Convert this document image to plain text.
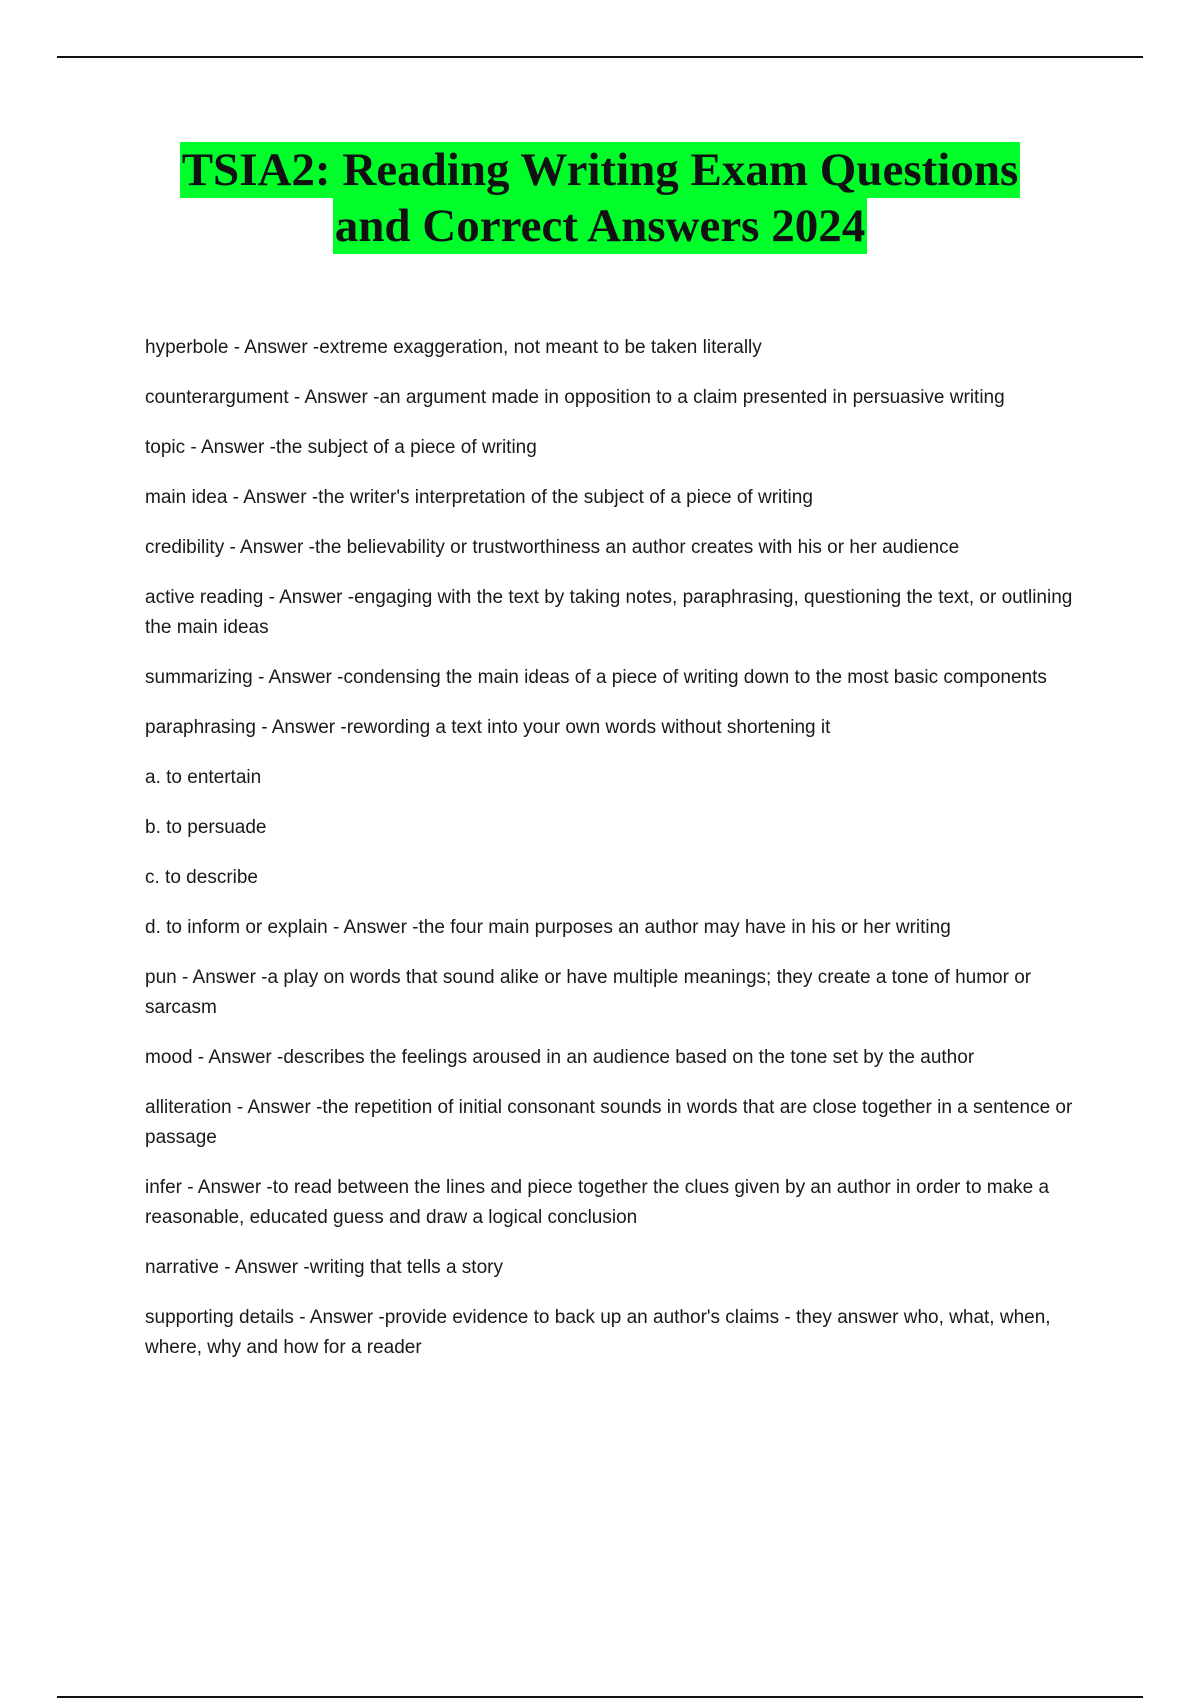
TSIA2: Reading Writing Exam Questions
and Correct Answers 2024
hyperbole - Answer -extreme exaggeration, not meant to be taken literally
counterargument - Answer -an argument made in opposition to a claim presented in persuasive writing
topic - Answer -the subject of a piece of writing
main idea - Answer -the writer's interpretation of the subject of a piece of writing
credibility - Answer -the believability or trustworthiness an author creates with his or her audience
active reading - Answer -engaging with the text by taking notes, paraphrasing, questioning the text, or outlining the main ideas
summarizing - Answer -condensing the main ideas of a piece of writing down to the most basic components
paraphrasing - Answer -rewording a text into your own words without shortening it
a. to entertain
b. to persuade
c. to describe
d. to inform or explain - Answer -the four main purposes an author may have in his or her writing
pun - Answer -a play on words that sound alike or have multiple meanings; they create a tone of humor or sarcasm
mood - Answer -describes the feelings aroused in an audience based on the tone set by the author
alliteration - Answer -the repetition of initial consonant sounds in words that are close together in a sentence or passage
infer - Answer -to read between the lines and piece together the clues given by an author in order to make a reasonable, educated guess and draw a logical conclusion
narrative - Answer -writing that tells a story
supporting details - Answer -provide evidence to back up an author's claims - they answer who, what, when, where, why and how for a reader
